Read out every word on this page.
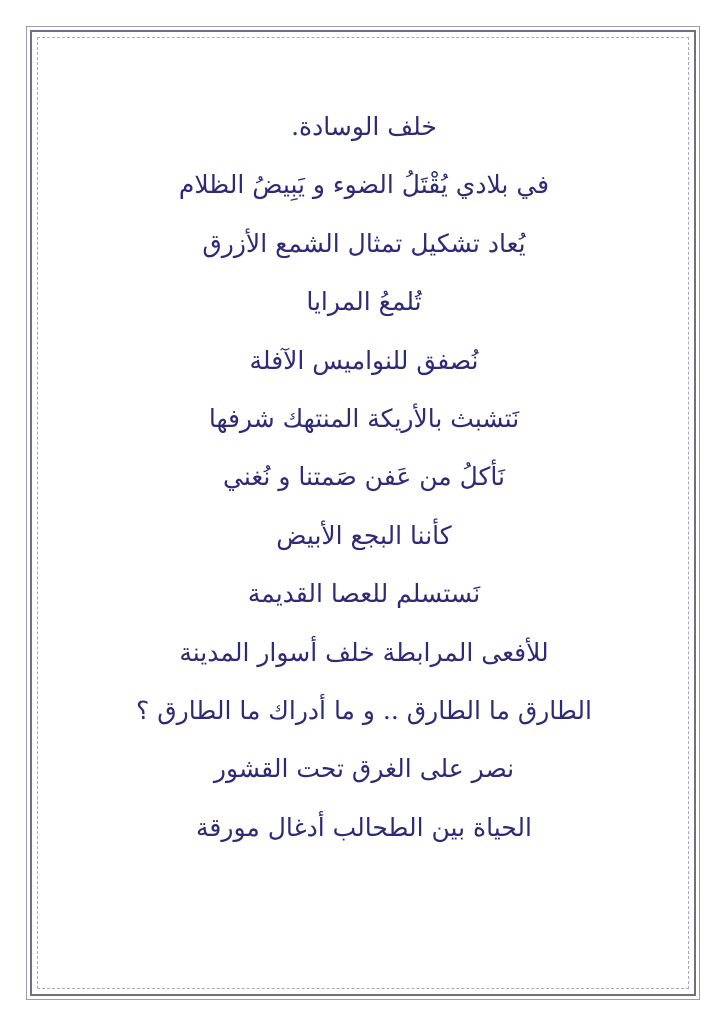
خلف الوسادة.
في بلادي يُقْتَلُ الضوء و يَبِيضُ الظلام
يُعاد تشكيل تمثال الشمع الأزرق
تُلمعُ المرايا
نُصفق للنواميس الآفلة
نَتشبث بالأريكة المنتهك شرفها
نَأكلُ من عَفن صَمتنا و نُغني
كأننا البجع الأبيض
نَستسلم للعصا القديمة
للأفعى المرابطة خلف أسوار المدينة
الطارق ما الطارق .. و ما أدراك ما الطارق ؟
نصر على الغرق تحت القشور
الحياة بين الطحالب أدغال مورقة
